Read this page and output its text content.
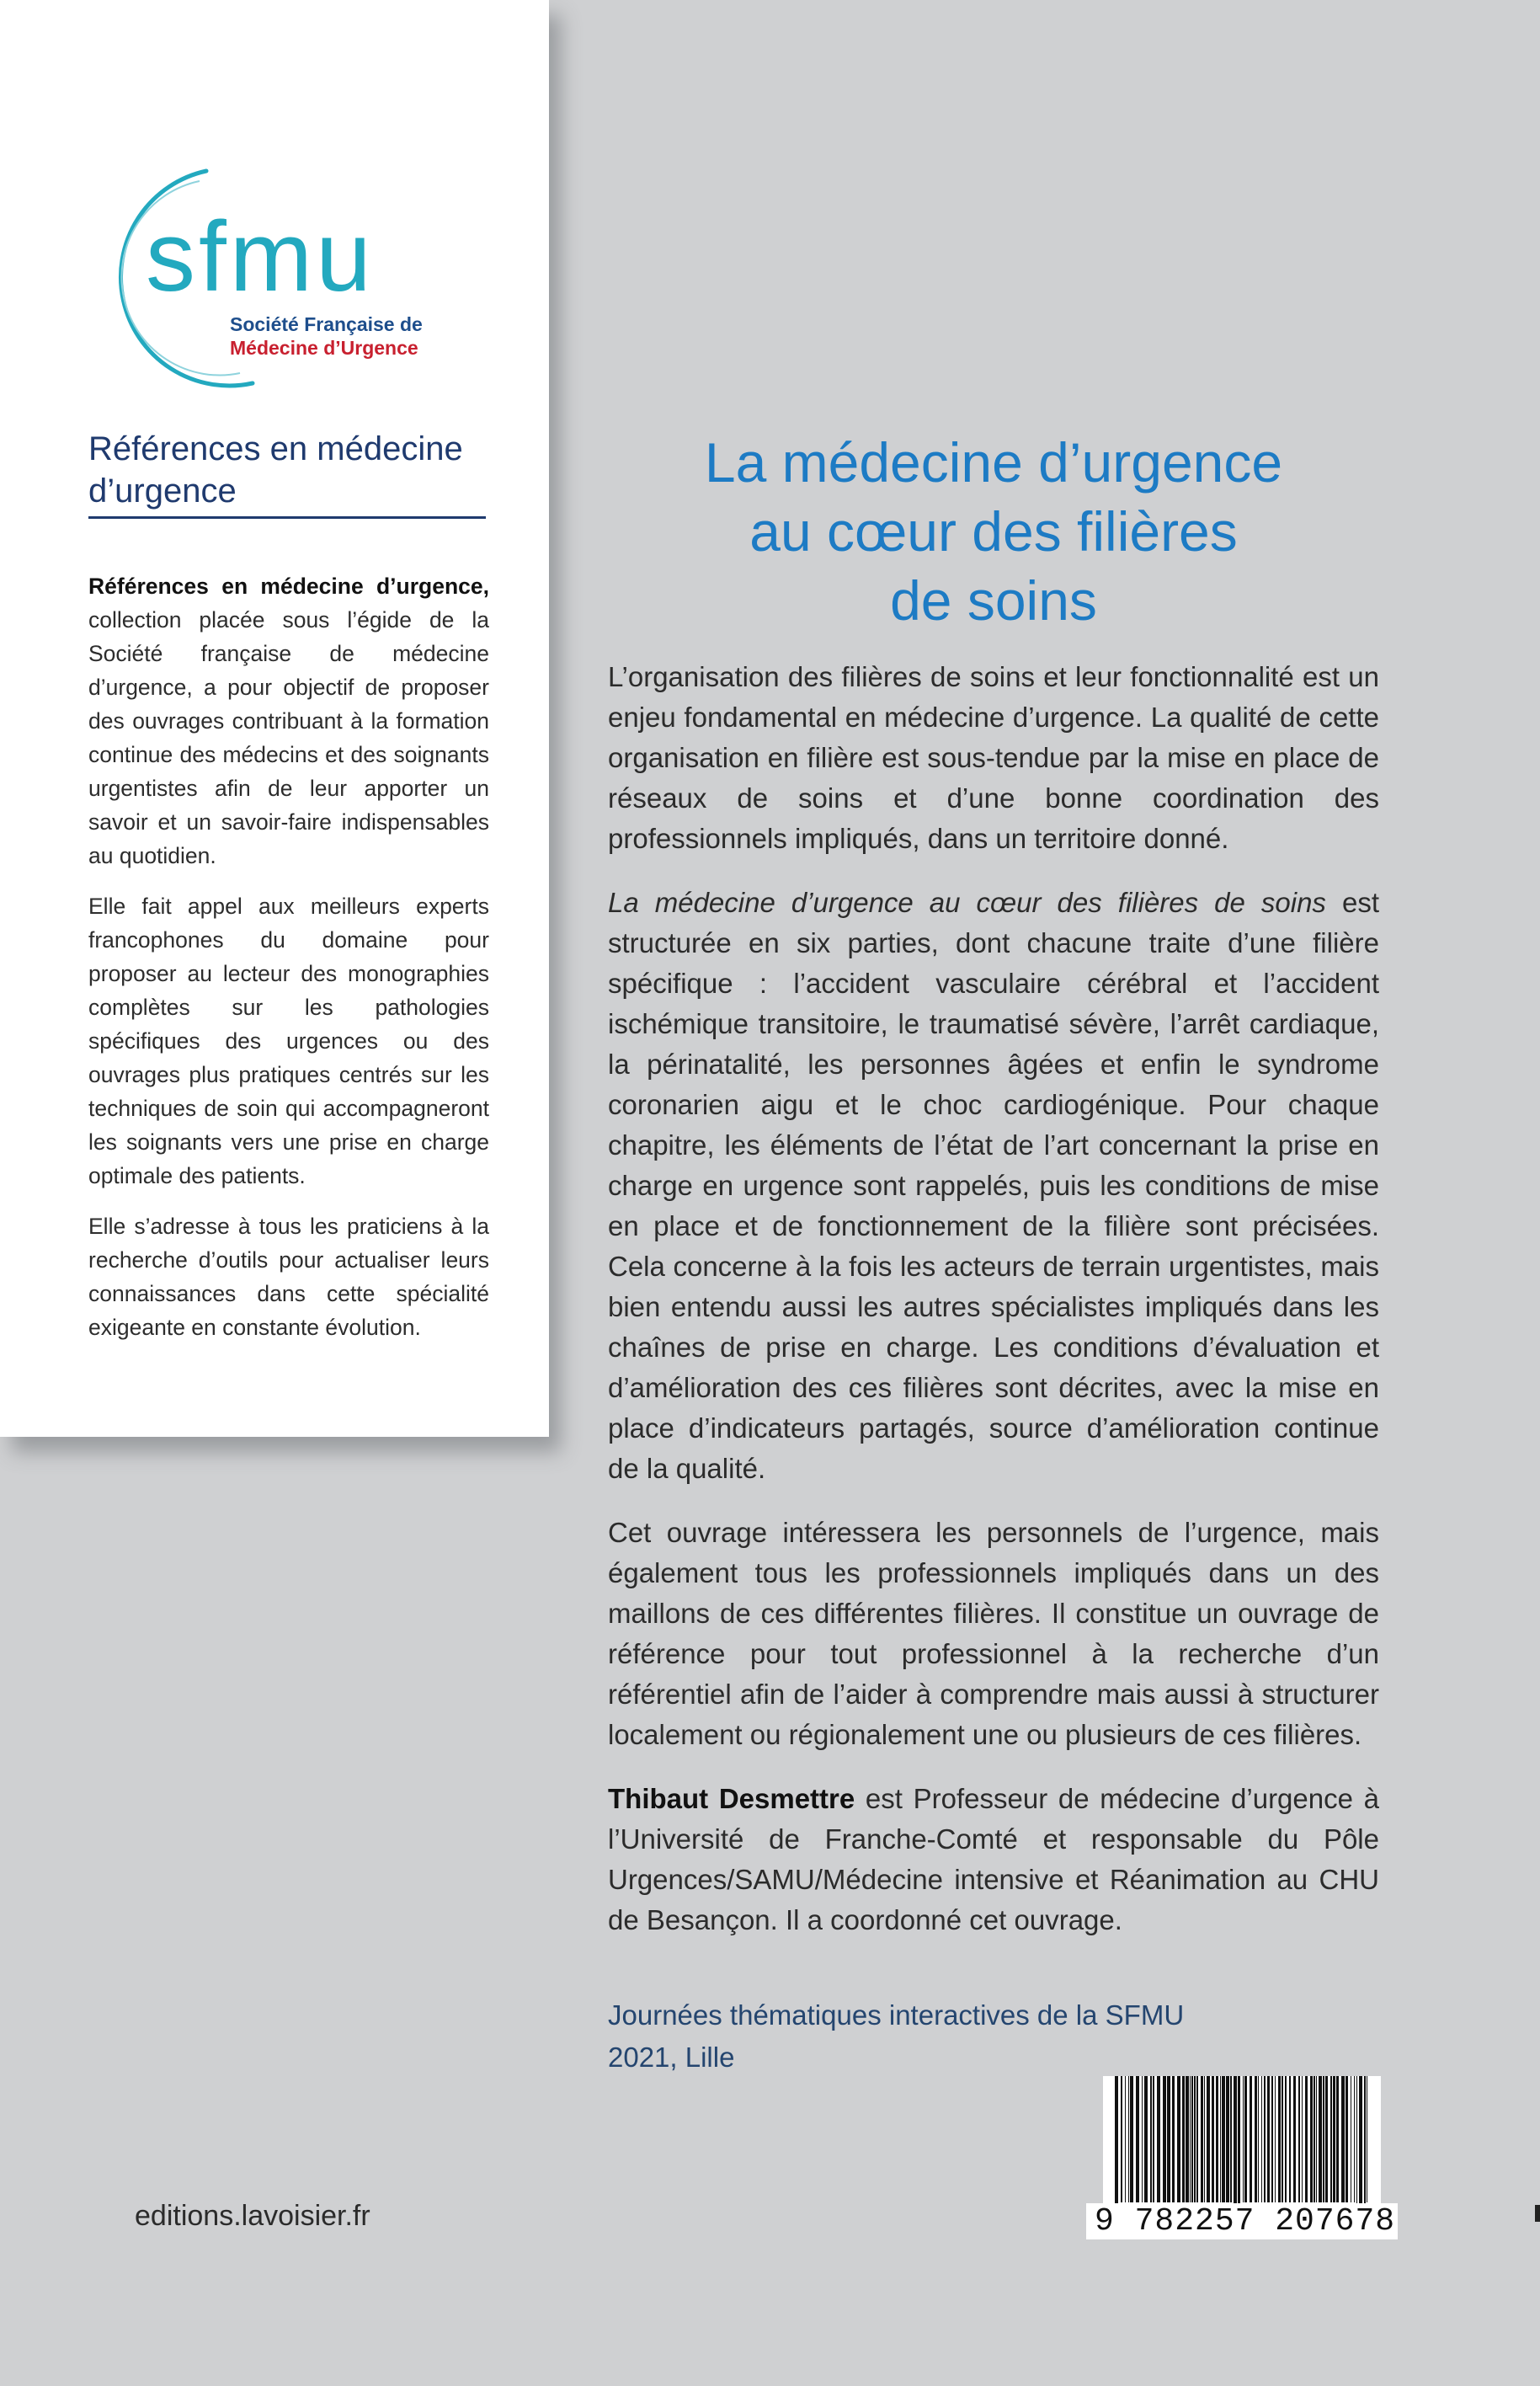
sfmu
Société Française de
Médecine d’Urgence
Références en médecine d’urgence

Références en médecine d’urgence, collection placée sous l’égide de la Société française de médecine d’urgence, a pour objectif de proposer des ouvrages contribuant à la formation continue des médecins et des soignants urgentistes afin de leur apporter un savoir et un savoir-faire indispensables au quotidien.

Elle fait appel aux meilleurs experts francophones du domaine pour proposer au lecteur des monographies complètes sur les pathologies spécifiques des urgences ou des ouvrages plus pratiques centrés sur les techniques de soin qui accompagneront les soignants vers une prise en charge optimale des patients.

Elle s’adresse à tous les praticiens à la recherche d’outils pour actualiser leurs connaissances dans cette spécialité exigeante en constante évolution.

editions.lavoisier.fr
La médecine d’urgence
au cœur des filières
de soins

L’organisation des filières de soins et leur fonctionnalité est un enjeu fondamental en médecine d’urgence. La qualité de cette organisation en filière est sous-tendue par la mise en place de réseaux de soins et d’une bonne coordination des professionnels impliqués, dans un territoire donné.

La médecine d’urgence au cœur des filières de soins est structurée en six parties, dont chacune traite d’une filière spécifique : l’accident vasculaire cérébral et l’accident ischémique transitoire, le traumatisé sévère, l’arrêt cardiaque, la périnatalité, les personnes âgées et enfin le syndrome coronarien aigu et le choc cardiogénique. Pour chaque chapitre, les éléments de l’état de l’art concernant la prise en charge en urgence sont rappelés, puis les conditions de mise en place et de fonctionnement de la filière sont précisées. Cela concerne à la fois les acteurs de terrain urgentistes, mais bien entendu aussi les autres spécialistes impliqués dans les chaînes de prise en charge. Les conditions d’évaluation et d’amélioration des ces filières sont décrites, avec la mise en place d’indicateurs partagés, source d’amélioration continue de la qualité.

Cet ouvrage intéressera les personnels de l’urgence, mais également tous les professionnels impliqués dans un des maillons de ces différentes filières. Il constitue un ouvrage de référence pour tout professionnel à la recherche d’un référentiel afin de l’aider à comprendre mais aussi à structurer localement ou régionalement une ou plusieurs de ces filières.

Thibaut Desmettre est Professeur de médecine d’urgence à l’Université de Franche-Comté et responsable du Pôle Urgences/SAMU/Médecine intensive et Réanimation au CHU de Besançon. Il a coordonné cet ouvrage.

Journées thématiques interactives de la SFMU
2021, Lille
9 782257 207678
